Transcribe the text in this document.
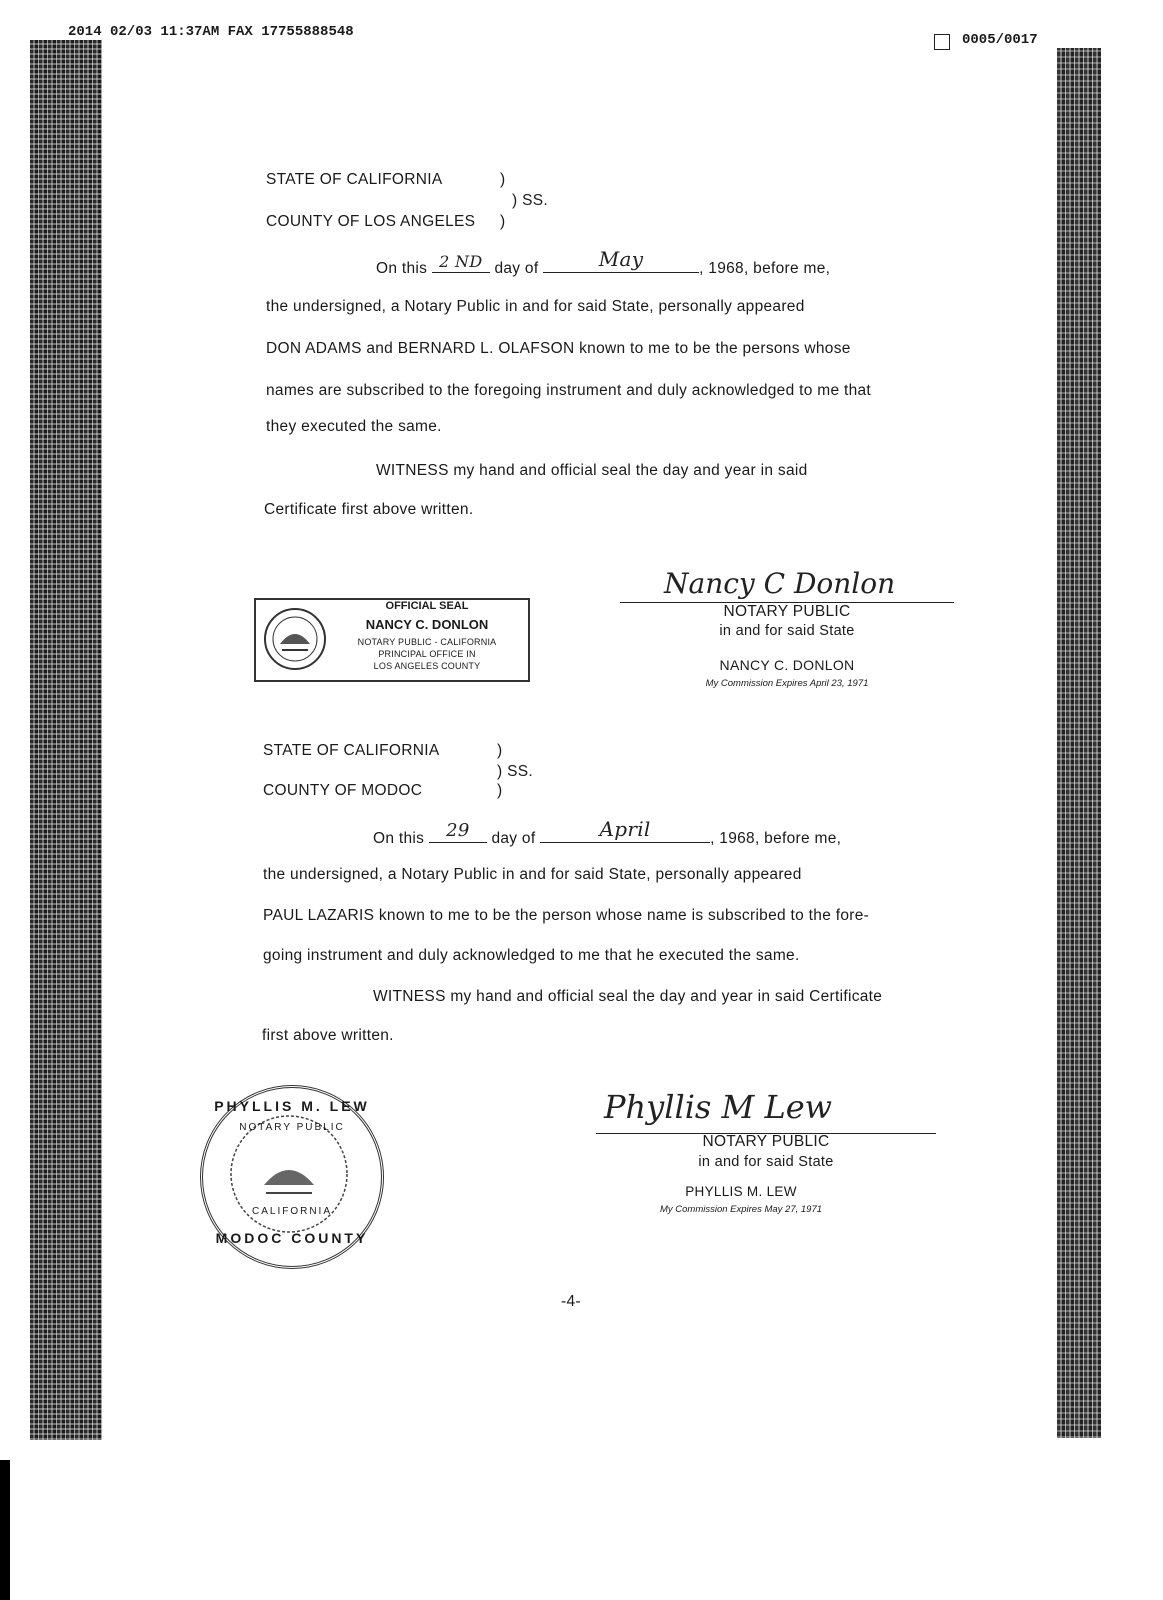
2014 02/03 11:37AM FAX 17755888548	0005/0017
STATE OF CALIFORNIA	)
) SS.
COUNTY OF LOS ANGELES )
On this 2 ND day of	May	, 1968, before me,
the undersigned, a Notary Public in and for said State, personally appeared
DON ADAMS and BERNARD L. OLAFSON known to me to be the persons whose
names are subscribed to the foregoing instrument and duly acknowledged to me that
they executed the same.
WITNESS my hand and official seal the day and year in said
Certificate first above written.
OFFICIAL SEAL
NANCY C. DONLON
NOTARY PUBLIC - CALIFORNIA
PRINCIPAL OFFICE IN
LOS ANGELES COUNTY
Nancy C Donlon
NOTARY PUBLIC
in and for said State
NANCY C. DONLON
My Commission Expires April 23, 1971
STATE OF CALIFORNIA	)
) SS.
COUNTY OF MODOC	)
On this	29	day of	April	, 1968, before me,
the undersigned, a Notary Public in and for said State, personally appeared
PAUL LAZARIS known to me to be the person whose name is subscribed to the fore-
going instrument and duly acknowledged to me that he executed the same.
WITNESS my hand and official seal the day and year in said Certificate
first above written.
PHYLLIS M. LEW
NOTARY PUBLIC
CALIFORNIA
MODOC COUNTY
Phyllis M Lew
NOTARY PUBLIC
in and for said State
PHYLLIS M. LEW
My Commission Expires May 27, 1971
-4-
